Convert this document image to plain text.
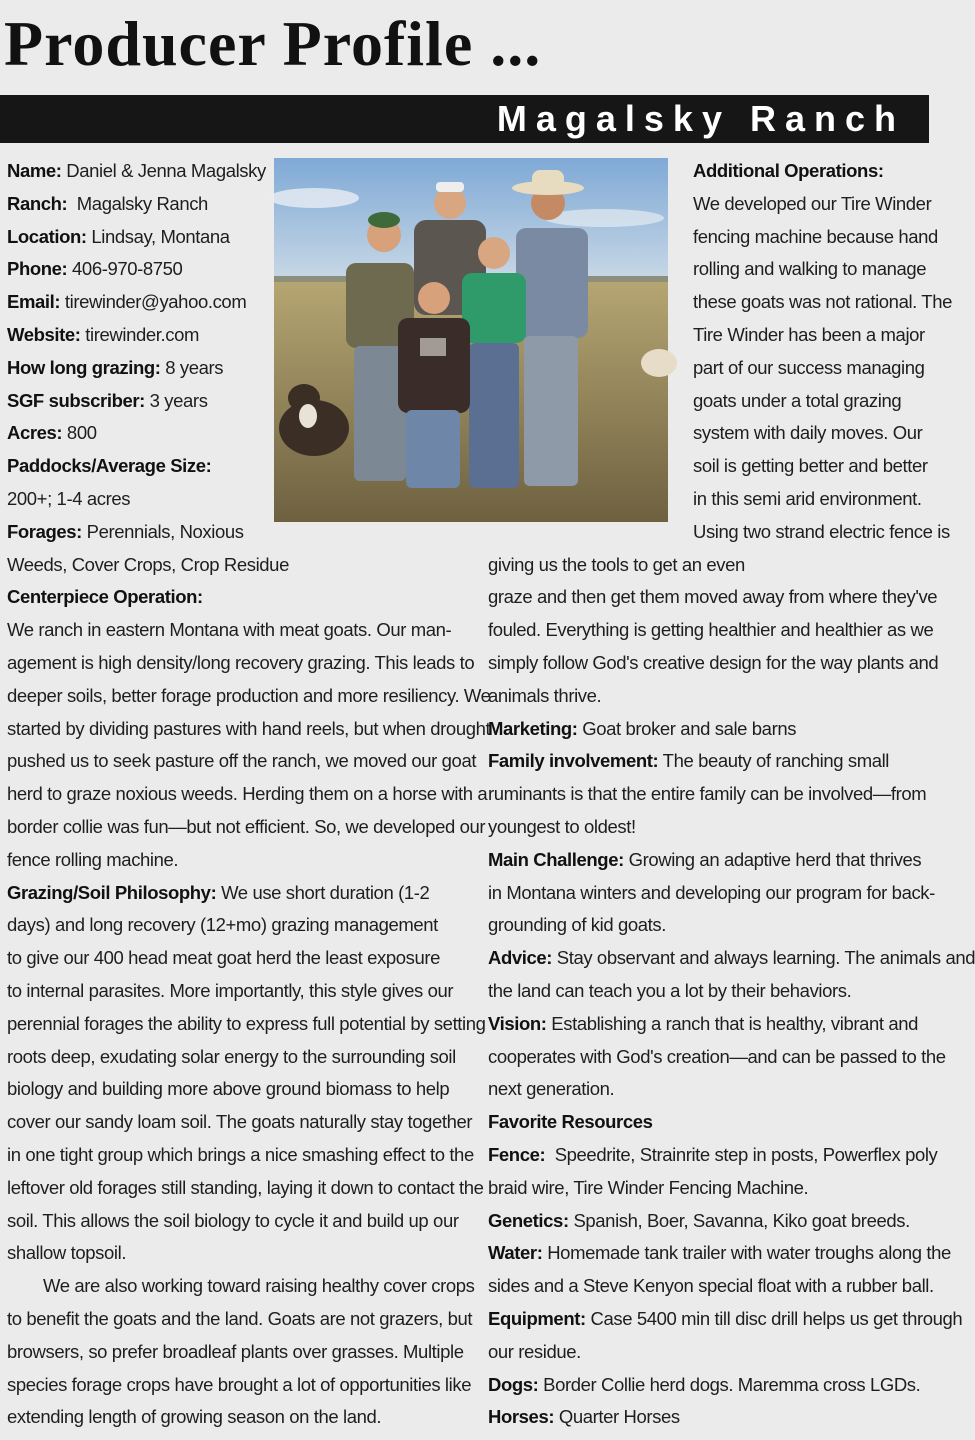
Producer Profile ...
Magalsky Ranch
Name: Daniel & Jenna Magalsky
Ranch:  Magalsky Ranch
Location: Lindsay, Montana
Phone: 406-970-8750
Email: tirewinder@yahoo.com
Website: tirewinder.com
How long grazing: 8 years
SGF subscriber: 3 years
Acres: 800
Paddocks/Average Size:
200+; 1-4 acres
Forages: Perennials, Noxious
Weeds, Cover Crops, Crop Residue
Centerpiece Operation:
We ranch in eastern Montana with meat goats. Our man-
agement is high density/long recovery grazing. This leads to
deeper soils, better forage production and more resiliency. We
started by dividing pastures with hand reels, but when drought
pushed us to seek pasture off the ranch, we moved our goat
herd to graze noxious weeds. Herding them on a horse with a
border collie was fun—but not efficient. So, we developed our
fence rolling machine.
Grazing/Soil Philosophy: We use short duration (1-2
days) and long recovery (12+mo) grazing management
to give our 400 head meat goat herd the least exposure
to internal parasites. More importantly, this style gives our
perennial forages the ability to express full potential by setting
roots deep, exudating solar energy to the surrounding soil
biology and building more above ground biomass to help
cover our sandy loam soil. The goats naturally stay together
in one tight group which brings a nice smashing effect to the
leftover old forages still standing, laying it down to contact the
soil. This allows the soil biology to cycle it and build up our
shallow topsoil.
We are also working toward raising healthy cover crops
to benefit the goats and the land. Goats are not grazers, but
browsers, so prefer broadleaf plants over grasses. Multiple
species forage crops have brought a lot of opportunities like
extending length of growing season on the land.
Additional Operations:
We developed our Tire Winder
fencing machine because hand
rolling and walking to manage
these goats was not rational. The
Tire Winder has been a major
part of our success managing
goats under a total grazing
system with daily moves. Our
soil is getting better and better
in this semi arid environment.
Using two strand electric fence is
giving us the tools to get an even
graze and then get them moved away from where they've
fouled. Everything is getting healthier and healthier as we
simply follow God's creative design for the way plants and
animals thrive.
Marketing: Goat broker and sale barns
Family involvement: The beauty of ranching small
ruminants is that the entire family can be involved—from
youngest to oldest!
Main Challenge: Growing an adaptive herd that thrives
in Montana winters and developing our program for back-
grounding of kid goats.
Advice: Stay observant and always learning. The animals and
the land can teach you a lot by their behaviors.
Vision: Establishing a ranch that is healthy, vibrant and
cooperates with God's creation—and can be passed to the
next generation.
Favorite Resources
Fence:  Speedrite, Strainrite step in posts, Powerflex poly
braid wire, Tire Winder Fencing Machine.
Genetics: Spanish, Boer, Savanna, Kiko goat breeds.
Water: Homemade tank trailer with water troughs along the
sides and a Steve Kenyon special float with a rubber ball.
Equipment: Case 5400 min till disc drill helps us get through
our residue.
Dogs: Border Collie herd dogs. Maremma cross LGDs.
Horses: Quarter Horses
